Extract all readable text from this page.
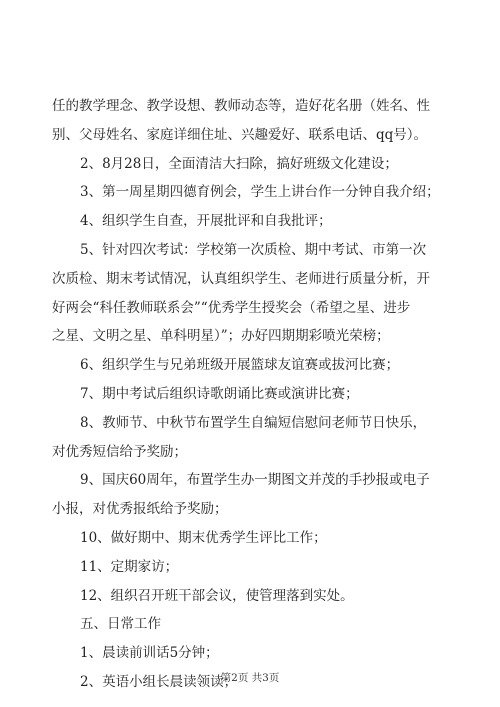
任的教学理念、教学设想、教师动态等，造好花名册（姓名、性
别、父母姓名、家庭详细住址、兴趣爱好、联系电话、qq号）。
2、8月28日，全面清洁大扫除，搞好班级文化建设；
3、第一周星期四德育例会，学生上讲台作一分钟自我介绍；
4、组织学生自查，开展批评和自我批评；
5、针对四次考试：学校第一次质检、期中考试、市第一次
次质检、期末考试情况，认真组织学生、老师进行质量分析，开
好两会“科任教师联系会”“优秀学生授奖会（希望之星、进步
之星、文明之星、单科明星）”；办好四期期彩喷光荣榜；
6、组织学生与兄弟班级开展篮球友谊赛或拔河比赛；
7、期中考试后组织诗歌朗诵比赛或演讲比赛；
8、教师节、中秋节布置学生自编短信慰问老师节日快乐，
对优秀短信给予奖励；
9、国庆60周年，布置学生办一期图文并茂的手抄报或电子
小报，对优秀报纸给予奖励；
10、做好期中、期末优秀学生评比工作；
11、定期家访；
12、组织召开班干部会议，使管理落到实处。
五、日常工作
1、晨读前训话5分钟；
2、英语小组长晨读领读；
第2页 共3页
